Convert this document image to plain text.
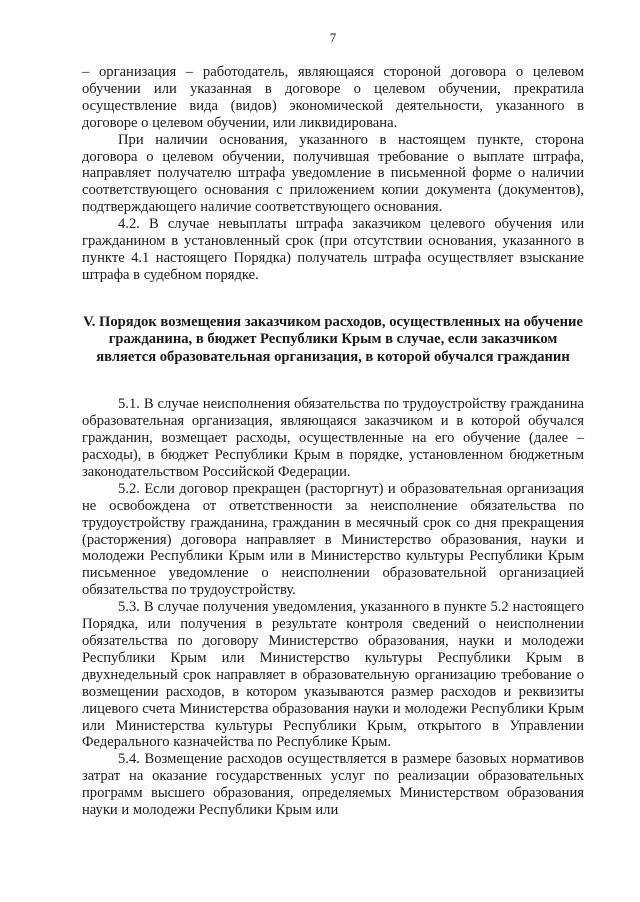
7

– организация – работодатель, являющаяся стороной договора о целевом обучении или указанная в договоре о целевом обучении, прекратила осуществление вида (видов) экономической деятельности, указанного в договоре о целевом обучении, или ликвидирована.

При наличии основания, указанного в настоящем пункте, сторона договора о целевом обучении, получившая требование о выплате штрафа, направляет получателю штрафа уведомление в письменной форме о наличии соответствующего основания с приложением копии документа (документов), подтверждающего наличие соответствующего основания.

4.2. В случае невыплаты штрафа заказчиком целевого обучения или гражданином в установленный срок (при отсутствии основания, указанного в пункте 4.1 настоящего Порядка) получатель штрафа осуществляет взыскание штрафа в судебном порядке.

V. Порядок возмещения заказчиком расходов, осуществленных на обучение гражданина, в бюджет Республики Крым в случае, если заказчиком является образовательная организация, в которой обучался гражданин

5.1. В случае неисполнения обязательства по трудоустройству гражданина образовательная организация, являющаяся заказчиком и в которой обучался гражданин, возмещает расходы, осуществленные на его обучение (далее – расходы), в бюджет Республики Крым в порядке, установленном бюджетным законодательством Российской Федерации.

5.2. Если договор прекращен (расторгнут) и образовательная организация не освобождена от ответственности за неисполнение обязательства по трудоустройству гражданина, гражданин в месячный срок со дня прекращения (расторжения) договора направляет в Министерство образования, науки и молодежи Республики Крым или в Министерство культуры Республики Крым письменное уведомление о неисполнении образовательной организацией обязательства по трудоустройству.

5.3. В случае получения уведомления, указанного в пункте 5.2 настоящего Порядка, или получения в результате контроля сведений о неисполнении обязательства по договору Министерство образования, науки и молодежи Республики Крым или Министерство культуры Республики Крым в двухнедельный срок направляет в образовательную организацию требование о возмещении расходов, в котором указываются размер расходов и реквизиты лицевого счета Министерства образования науки и молодежи Республики Крым или Министерства культуры Республики Крым, открытого в Управлении Федерального казначейства по Республике Крым.

5.4. Возмещение расходов осуществляется в размере базовых нормативов затрат на оказание государственных услуг по реализации образовательных программ высшего образования, определяемых Министерством образования науки и молодежи Республики Крым или
